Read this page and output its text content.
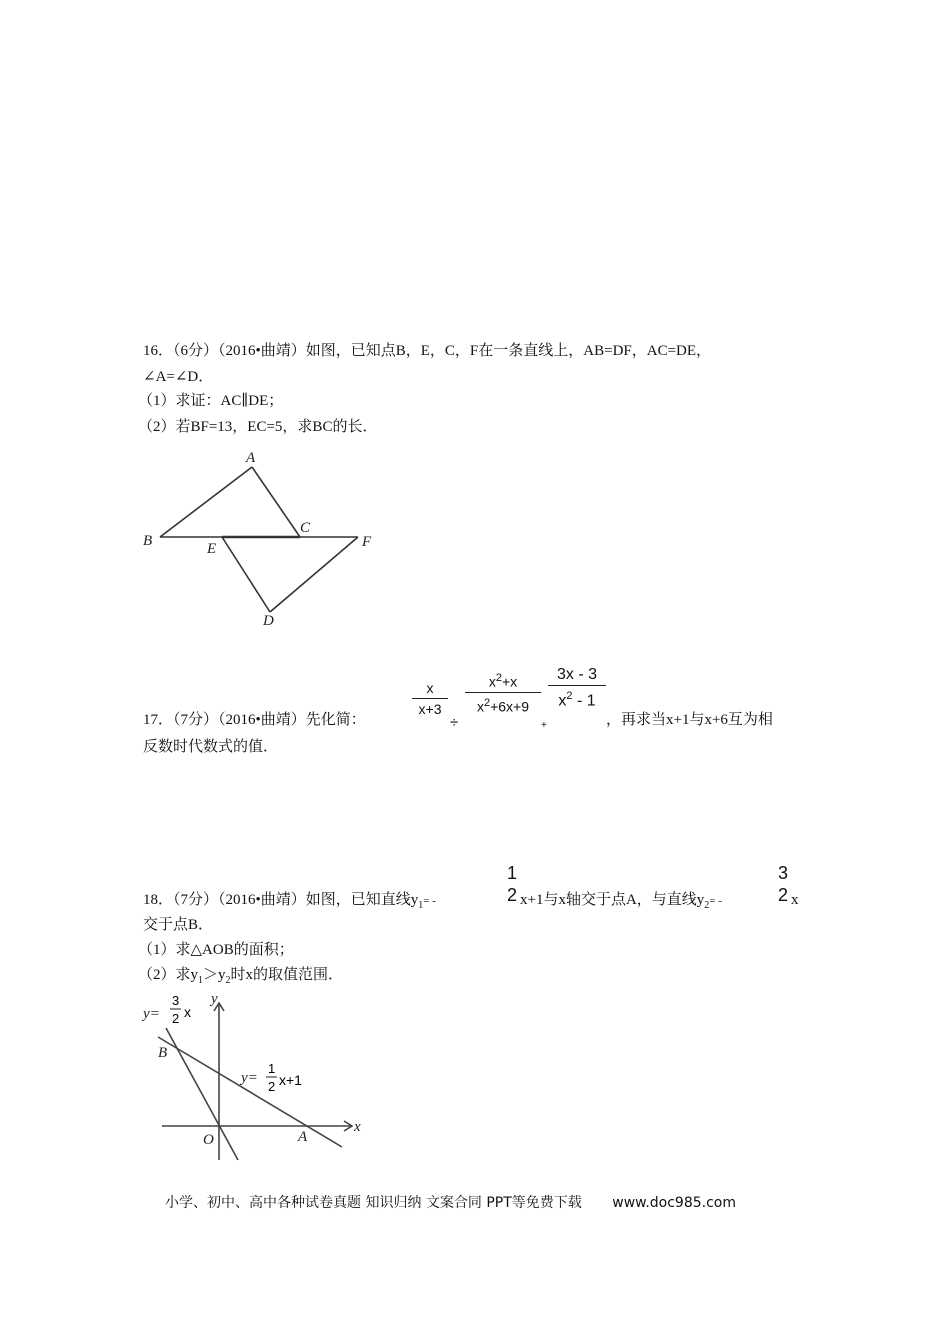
16．（6分）（2016•曲靖）如图，已知点B，E，C，F在一条直线上，AB=DF，AC=DE，
∠A=∠D．
（1）求证：AC∥DE；
（2）若BF=13，EC=5，求BC的长．
A
B
C
E	F
D
y
x
O	A
B
y=
3
2 x
y=
1
2 x+1
17．（7分）（2016•曲靖）先化简：
$\frac{x}{x+3}$
÷
$\frac{x^2+x}{x^2+6x+9}$
+
$\frac{3x - 3}{x^2 - 1}$
，再求当x+1与x+6互为相
反数时代数式的值．
18．（7分）（2016•曲靖）如图，已知直线$y_1=$ -
1
2 x+1与x轴交于点A，与直线$y_2=$ -
3
2 x
交于点B．
（1）求△AOB的面积；
（2）求$y_1>y_2$时x的取值范围．
小学、初中、高中各种试卷真题 知识归纳 文案合同 PPT等免费下载 www.doc985.com
